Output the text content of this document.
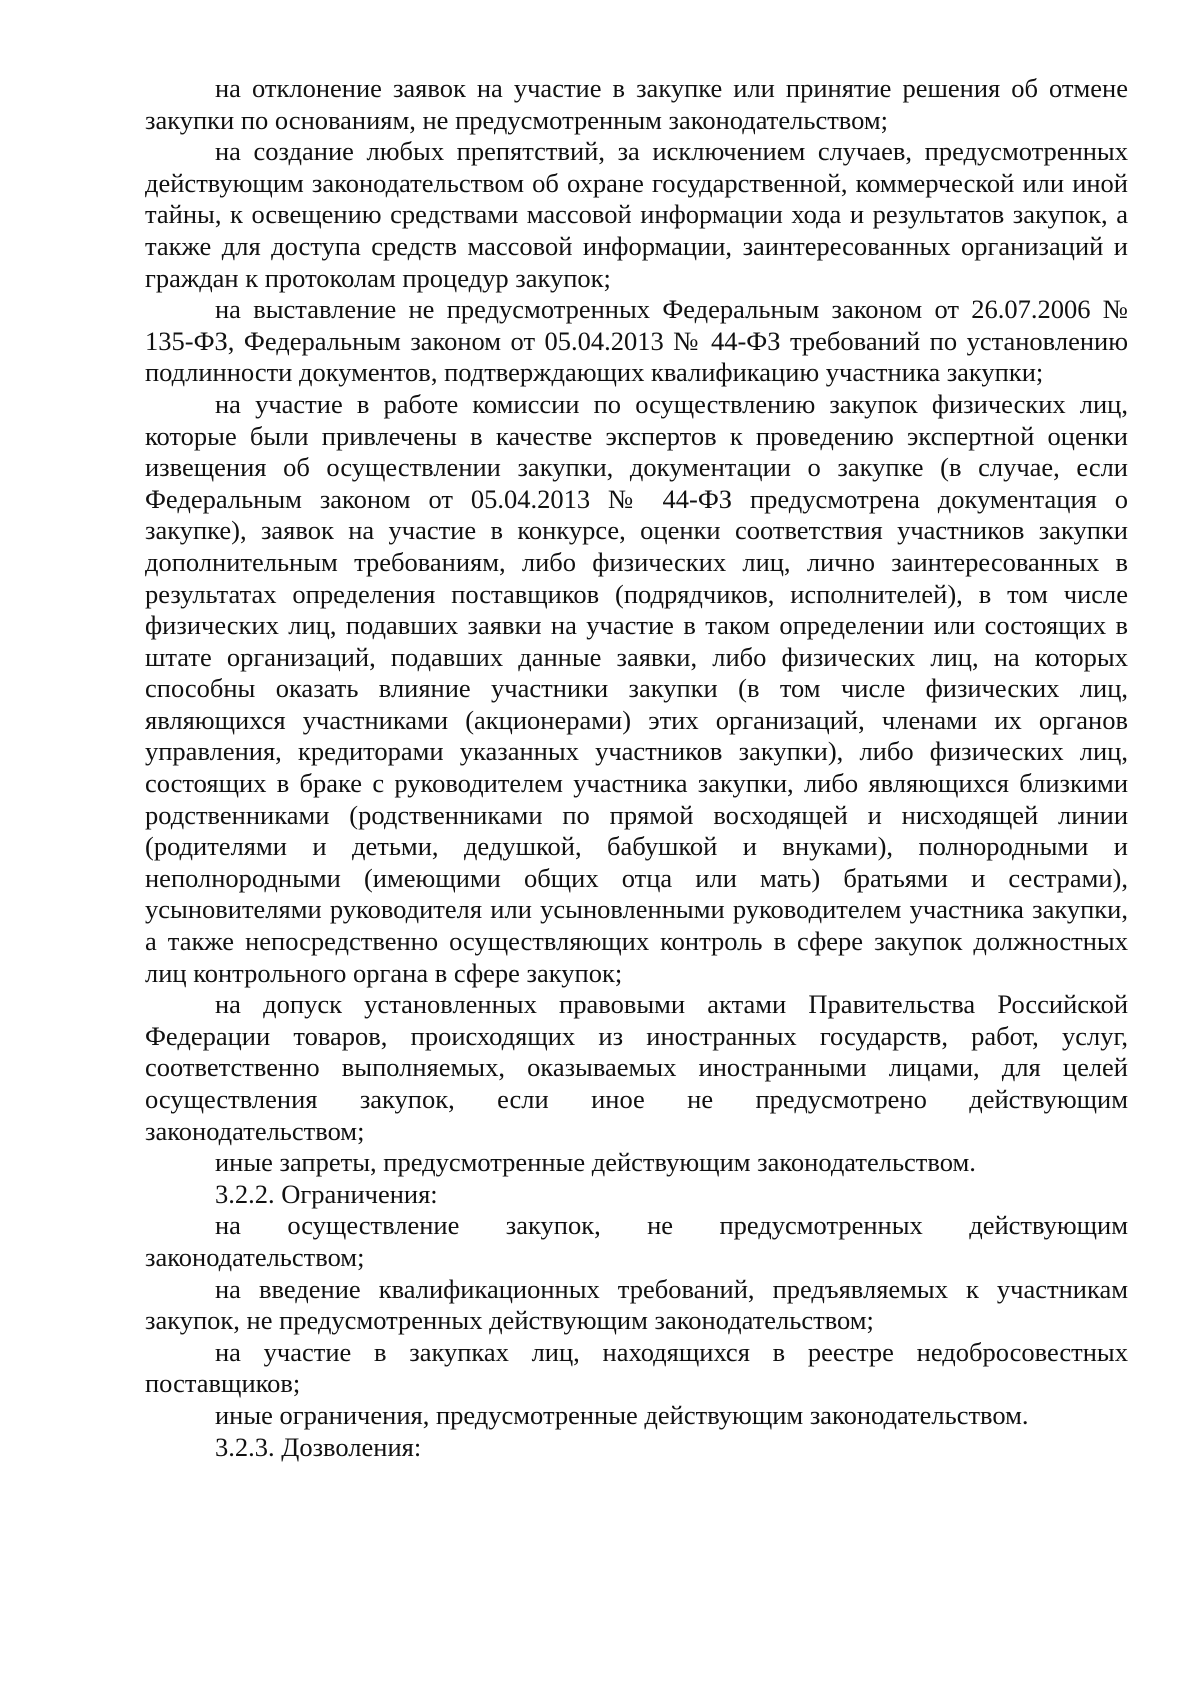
на отклонение заявок на участие в закупке или принятие решения об отмене закупки по основаниям, не предусмотренным законодательством;

на создание любых препятствий, за исключением случаев, предусмотренных действующим законодательством об охране государственной, коммерческой или иной тайны, к освещению средствами массовой информации хода и результатов закупок, а также для доступа средств массовой информации, заинтересованных организаций и граждан к протоколам процедур закупок;

на выставление не предусмотренных Федеральным законом от 26.07.2006 № 135-ФЗ, Федеральным законом от 05.04.2013 № 44-ФЗ требований по установлению подлинности документов, подтверждающих квалификацию участника закупки;

на участие в работе комиссии по осуществлению закупок физических лиц, которые были привлечены в качестве экспертов к проведению экспертной оценки извещения об осуществлении закупки, документации о закупке (в случае, если Федеральным законом от 05.04.2013 № 44-ФЗ предусмотрена документация о закупке), заявок на участие в конкурсе, оценки соответствия участников закупки дополнительным требованиям, либо физических лиц, лично заинтересованных в результатах определения поставщиков (подрядчиков, исполнителей), в том числе физических лиц, подавших заявки на участие в таком определении или состоящих в штате организаций, подавших данные заявки, либо физических лиц, на которых способны оказать влияние участники закупки (в том числе физических лиц, являющихся участниками (акционерами) этих организаций, членами их органов управления, кредиторами указанных участников закупки), либо физических лиц, состоящих в браке с руководителем участника закупки, либо являющихся близкими родственниками (родственниками по прямой восходящей и нисходящей линии (родителями и детьми, дедушкой, бабушкой и внуками), полнородными и неполнородными (имеющими общих отца или мать) братьями и сестрами), усыновителями руководителя или усыновленными руководителем участника закупки, а также непосредственно осуществляющих контроль в сфере закупок должностных лиц контрольного органа в сфере закупок;

на допуск установленных правовыми актами Правительства Российской Федерации товаров, происходящих из иностранных государств, работ, услуг, соответственно выполняемых, оказываемых иностранными лицами, для целей осуществления закупок, если иное не предусмотрено действующим законодательством;

иные запреты, предусмотренные действующим законодательством.

3.2.2. Ограничения:

на осуществление закупок, не предусмотренных действующим законодательством;

на введение квалификационных требований, предъявляемых к участникам закупок, не предусмотренных действующим законодательством;

на участие в закупках лиц, находящихся в реестре недобросовестных поставщиков;

иные ограничения, предусмотренные действующим законодательством.

3.2.3. Дозволения:
